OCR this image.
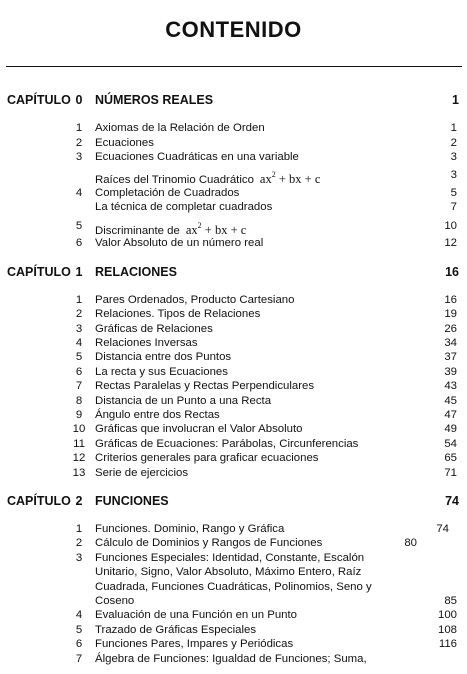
CONTENIDO
CAPÍTULO 0 NÚMEROS REALES	1
1	Axiomas de la Relación de Orden	1
2	Ecuaciones	2
3	Ecuaciones Cuadráticas en una variable	3
Raíces del Trinomio Cuadrático $ax^2$ + bx + c	3
4	Completación de Cuadrados	5
La técnica de completar cuadrados	7
5	Discriminante de $ax^2$ + bx + c	10
6	Valor Absoluto de un número real	12
CAPÍTULO 1 RELACIONES	16
1	Pares Ordenados, Producto Cartesiano	16
2	Relaciones. Tipos de Relaciones	19
3	Gráficas de Relaciones	26
4	Relaciones Inversas	34
5	Distancia entre dos Puntos	37
6	La recta y sus Ecuaciones	39
7	Rectas Paralelas y Rectas Perpendiculares	43
8	Distancia de un Punto a una Recta	45
9	Ángulo entre dos Rectas	47
10 Gráficas que involucran el Valor Absoluto	49
11 Gráficas de Ecuaciones: Parábolas, Circunferencias	54
12 Criterios generales para graficar ecuaciones	65
13 Serie de ejercicios	71
CAPÍTULO 2 FUNCIONES	74
1	Funciones. Dominio, Rango y Gráfica	74
2	Cálculo de Dominios y Rangos de Funciones	80
3	Funciones Especiales: Identidad, Constante, Escalón
Unitario, Signo, Valor Absoluto, Máximo Entero, Raíz
Cuadrada, Funciones Cuadráticas, Polinomios, Seno y
Coseno	85
4	Evaluación de una Función en un Punto	100
5	Trazado de Gráficas Especiales	108
6	Funciones Pares, Impares y Periódicas	116
7	Álgebra de Funciones: Igualdad de Funciones; Suma,
